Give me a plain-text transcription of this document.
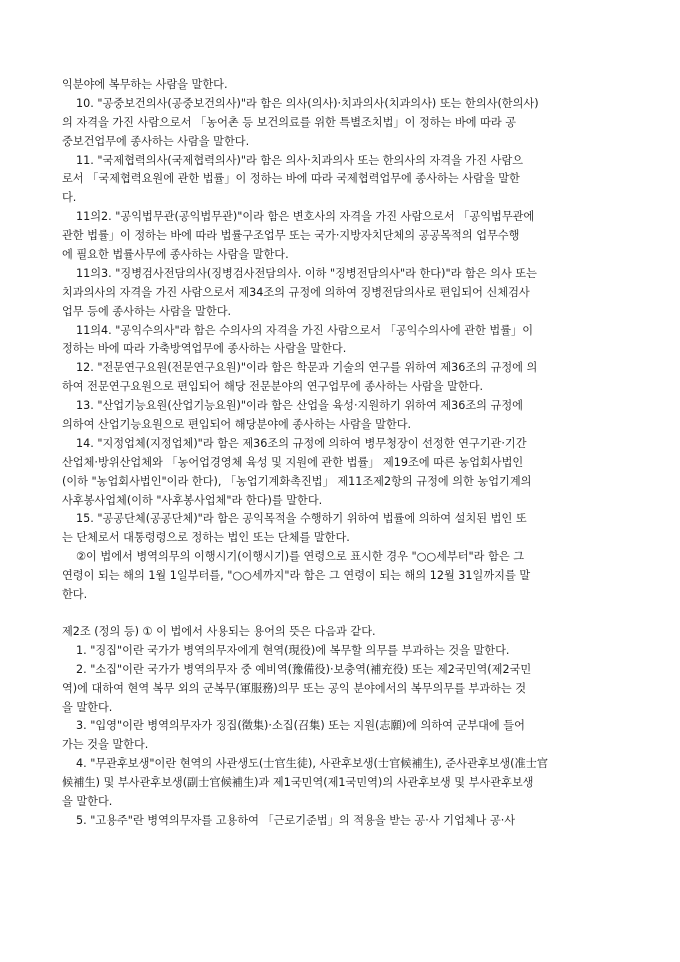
익분야에 복무하는 사람을 말한다.
10. "공중보건의사(공중보건의사)"라 함은 의사(의사)·치과의사(치과의사) 또는 한의사(한의사)
의 자격을 가진 사람으로서 「농어촌 등 보건의료를 위한 특별조치법」이 정하는 바에 따라 공
중보건업무에 종사하는 사람을 말한다.
11. "국제협력의사(국제협력의사)"라 함은 의사·치과의사 또는 한의사의 자격을 가진 사람으
로서 「국제협력요원에 관한 법률」이 정하는 바에 따라 국제협력업무에 종사하는 사람을 말한
다.
11의2. "공익법무관(공익법무관)"이라 함은 변호사의 자격을 가진 사람으로서 「공익법무관에
관한 법률」이 정하는 바에 따라 법률구조업무 또는 국가·지방자치단체의 공공목적의 업무수행
에 필요한 법률사무에 종사하는 사람을 말한다.
11의3. "징병검사전담의사(징병검사전담의사. 이하 "징병전담의사"라 한다)"라 함은 의사 또는
치과의사의 자격을 가진 사람으로서 제34조의 규정에 의하여 징병전담의사로 편입되어 신체검사
업무 등에 종사하는 사람을 말한다.
11의4. "공익수의사"라 함은 수의사의 자격을 가진 사람으로서 「공익수의사에 관한 법률」이
정하는 바에 따라 가축방역업무에 종사하는 사람을 말한다.
12. "전문연구요원(전문연구요원)"이라 함은 학문과 기술의 연구를 위하여 제36조의 규정에 의
하여 전문연구요원으로 편입되어 해당 전문분야의 연구업무에 종사하는 사람을 말한다.
13. "산업기능요원(산업기능요원)"이라 함은 산업을 육성·지원하기 위하여 제36조의 규정에
의하여 산업기능요원으로 편입되어 해당분야에 종사하는 사람을 말한다.
14. "지정업체(지정업체)"라 함은 제36조의 규정에 의하여 병무청장이 선정한 연구기관·기간
산업체·방위산업체와 「농어업경영체 육성 및 지원에 관한 법률」 제19조에 따른 농업회사법인
(이하 "농업회사법인"이라 한다), 「농업기계화촉진법」 제11조제2항의 규정에 의한 농업기계의
사후봉사업체(이하 "사후봉사업체"라 한다)를 말한다.
15. "공공단체(공공단체)"라 함은 공익목적을 수행하기 위하여 법률에 의하여 설치된 법인 또
는 단체로서 대통령령으로 정하는 법인 또는 단체를 말한다.
②이 법에서 병역의무의 이행시기(이행시기)를 연령으로 표시한 경우 "○○세부터"라 함은 그
연령이 되는 해의 1월 1일부터를, "○○세까지"라 함은 그 연령이 되는 해의 12월 31일까지를 말
한다.
제2조 (정의 등) ① 이 법에서 사용되는 용어의 뜻은 다음과 같다.
1. "징집"이란 국가가 병역의무자에게 현역(現役)에 복무할 의무를 부과하는 것을 말한다.
2. "소집"이란 국가가 병역의무자 중 예비역(豫備役)·보충역(補充役) 또는 제2국민역(제2국민
역)에 대하여 현역 복무 외의 군복무(軍服務)의무 또는 공익 분야에서의 복무의무를 부과하는 것
을 말한다.
3. "입영"이란 병역의무자가 징집(徵集)·소집(召集) 또는 지원(志願)에 의하여 군부대에 들어
가는 것을 말한다.
4. "무관후보생"이란 현역의 사관생도(士官生徒), 사관후보생(士官候補生), 준사관후보생(准士官
候補生) 및 부사관후보생(副士官候補生)과 제1국민역(제1국민역)의 사관후보생 및 부사관후보생
을 말한다.
5. "고용주"란 병역의무자를 고용하여 「근로기준법」의 적용을 받는 공·사 기업체나 공·사
